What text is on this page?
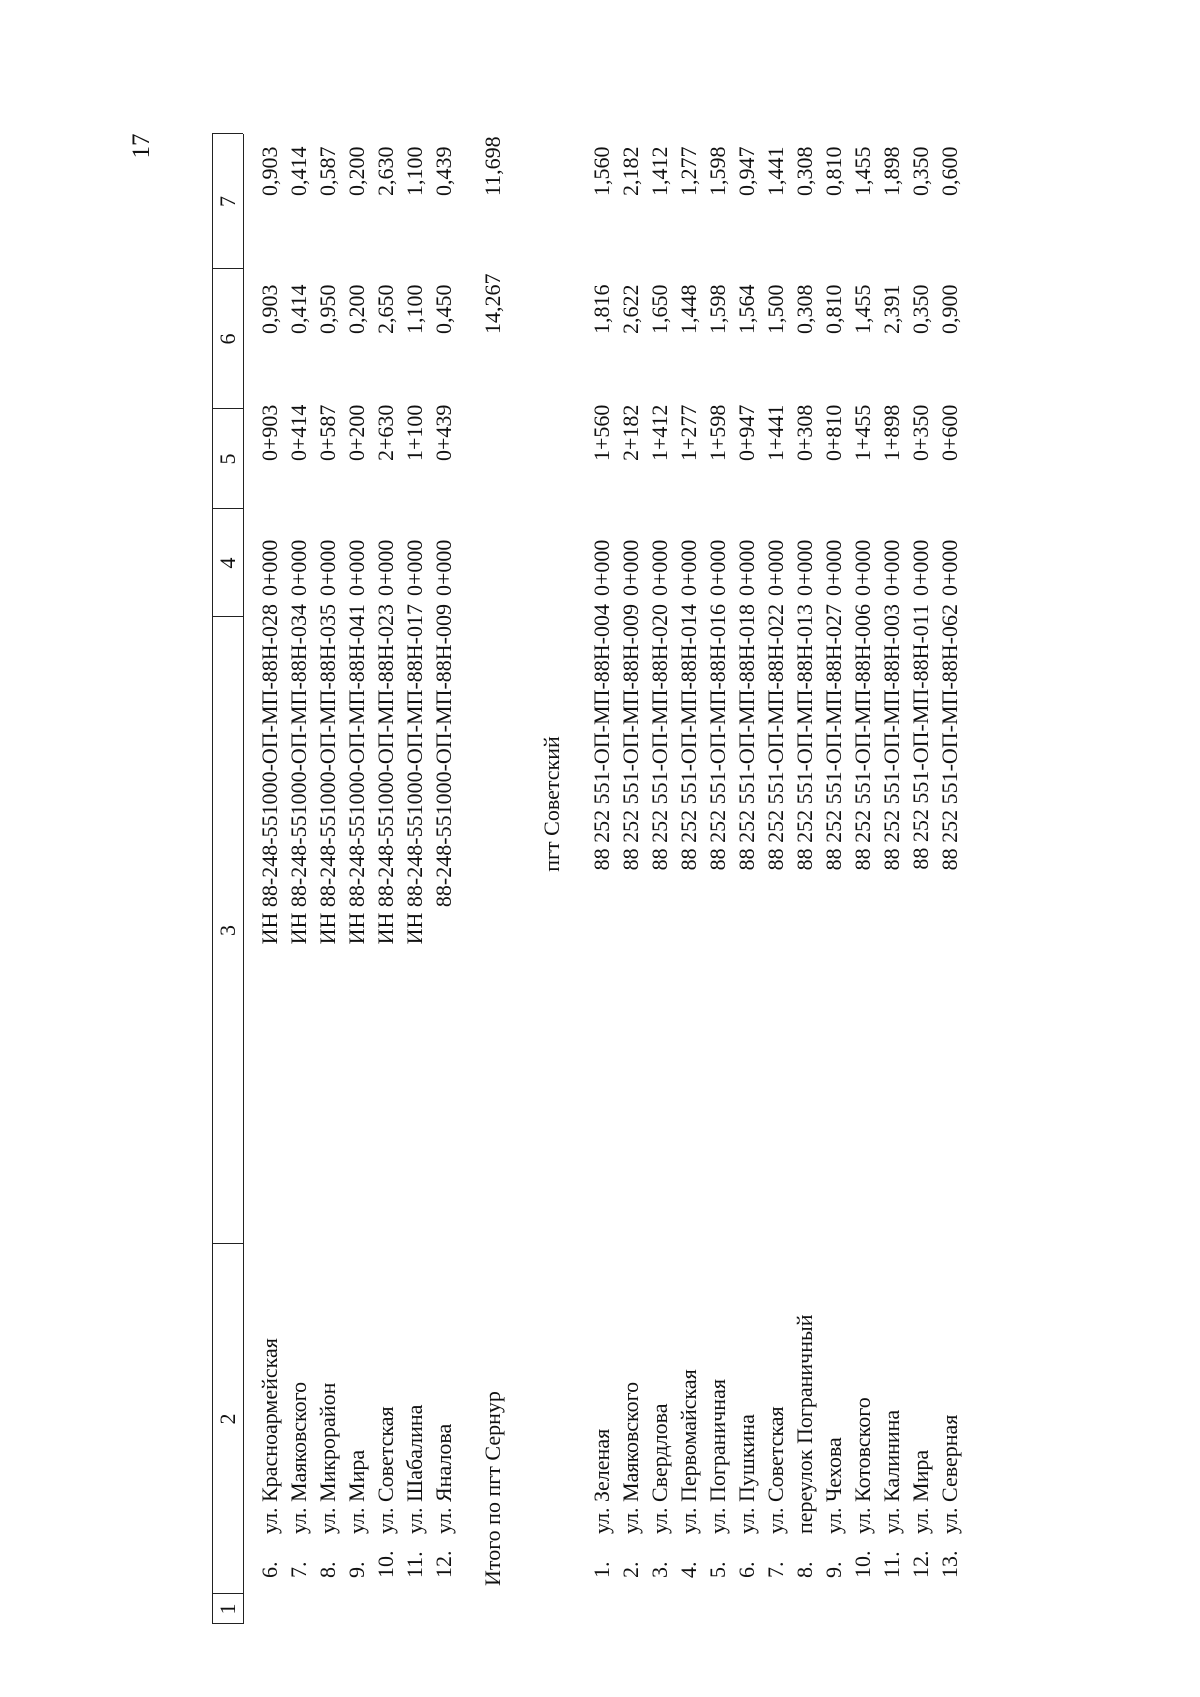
17
1
2
3
4
5
6
7
6.
ул. Красноармейская
ИН 88-248-551000-ОП-МП-88Н-028
0+000
0+903
0,903
0,903
7.
ул. Маяковского
ИН 88-248-551000-ОП-МП-88Н-034
0+000
0+414
0,414
0,414
8.
ул. Микрорайон
ИН 88-248-551000-ОП-МП-88Н-035
0+000
0+587
0,950
0,587
9.
ул. Мира
ИН 88-248-551000-ОП-МП-88Н-041
0+000
0+200
0,200
0,200
10.
ул. Советская
ИН 88-248-551000-ОП-МП-88Н-023
0+000
2+630
2,650
2,630
11.
ул. Шабалина
ИН 88-248-551000-ОП-МП-88Н-017
0+000
1+100
1,100
1,100
12.
ул. Яналова
88-248-551000-ОП-МП-88Н-009
0+000
0+439
0,450
0,439
Итого по пгт Сернур
14,267
11,698
пгт Советский
1.
ул. Зеленая
88 252 551-ОП-МП-88Н-004
0+000
1+560
1,816
1,560
2.
ул. Маяковского
88 252 551-ОП-МП-88Н-009
0+000
2+182
2,622
2,182
3.
ул. Свердлова
88 252 551-ОП-МП-88Н-020
0+000
1+412
1,650
1,412
4.
ул. Первомайская
88 252 551-ОП-МП-88Н-014
0+000
1+277
1,448
1,277
5.
ул. Пограничная
88 252 551-ОП-МП-88Н-016
0+000
1+598
1,598
1,598
6.
ул. Пушкина
88 252 551-ОП-МП-88Н-018
0+000
0+947
1,564
0,947
7.
ул. Советская
88 252 551-ОП-МП-88Н-022
0+000
1+441
1,500
1,441
8.
переулок Пограничный
88 252 551-ОП-МП-88Н-013
0+000
0+308
0,308
0,308
9.
ул. Чехова
88 252 551-ОП-МП-88Н-027
0+000
0+810
0,810
0,810
10.
ул. Котовского
88 252 551-ОП-МП-88Н-006
0+000
1+455
1,455
1,455
11.
ул. Калинина
88 252 551-ОП-МП-88Н-003
0+000
1+898
2,391
1,898
12.
ул. Мира
88 252 551-ОП-МП-88Н-011
0+000
0+350
0,350
0,350
13.
ул. Северная
88 252 551-ОП-МП-88Н-062
0+000
0+600
0,900
0,600
